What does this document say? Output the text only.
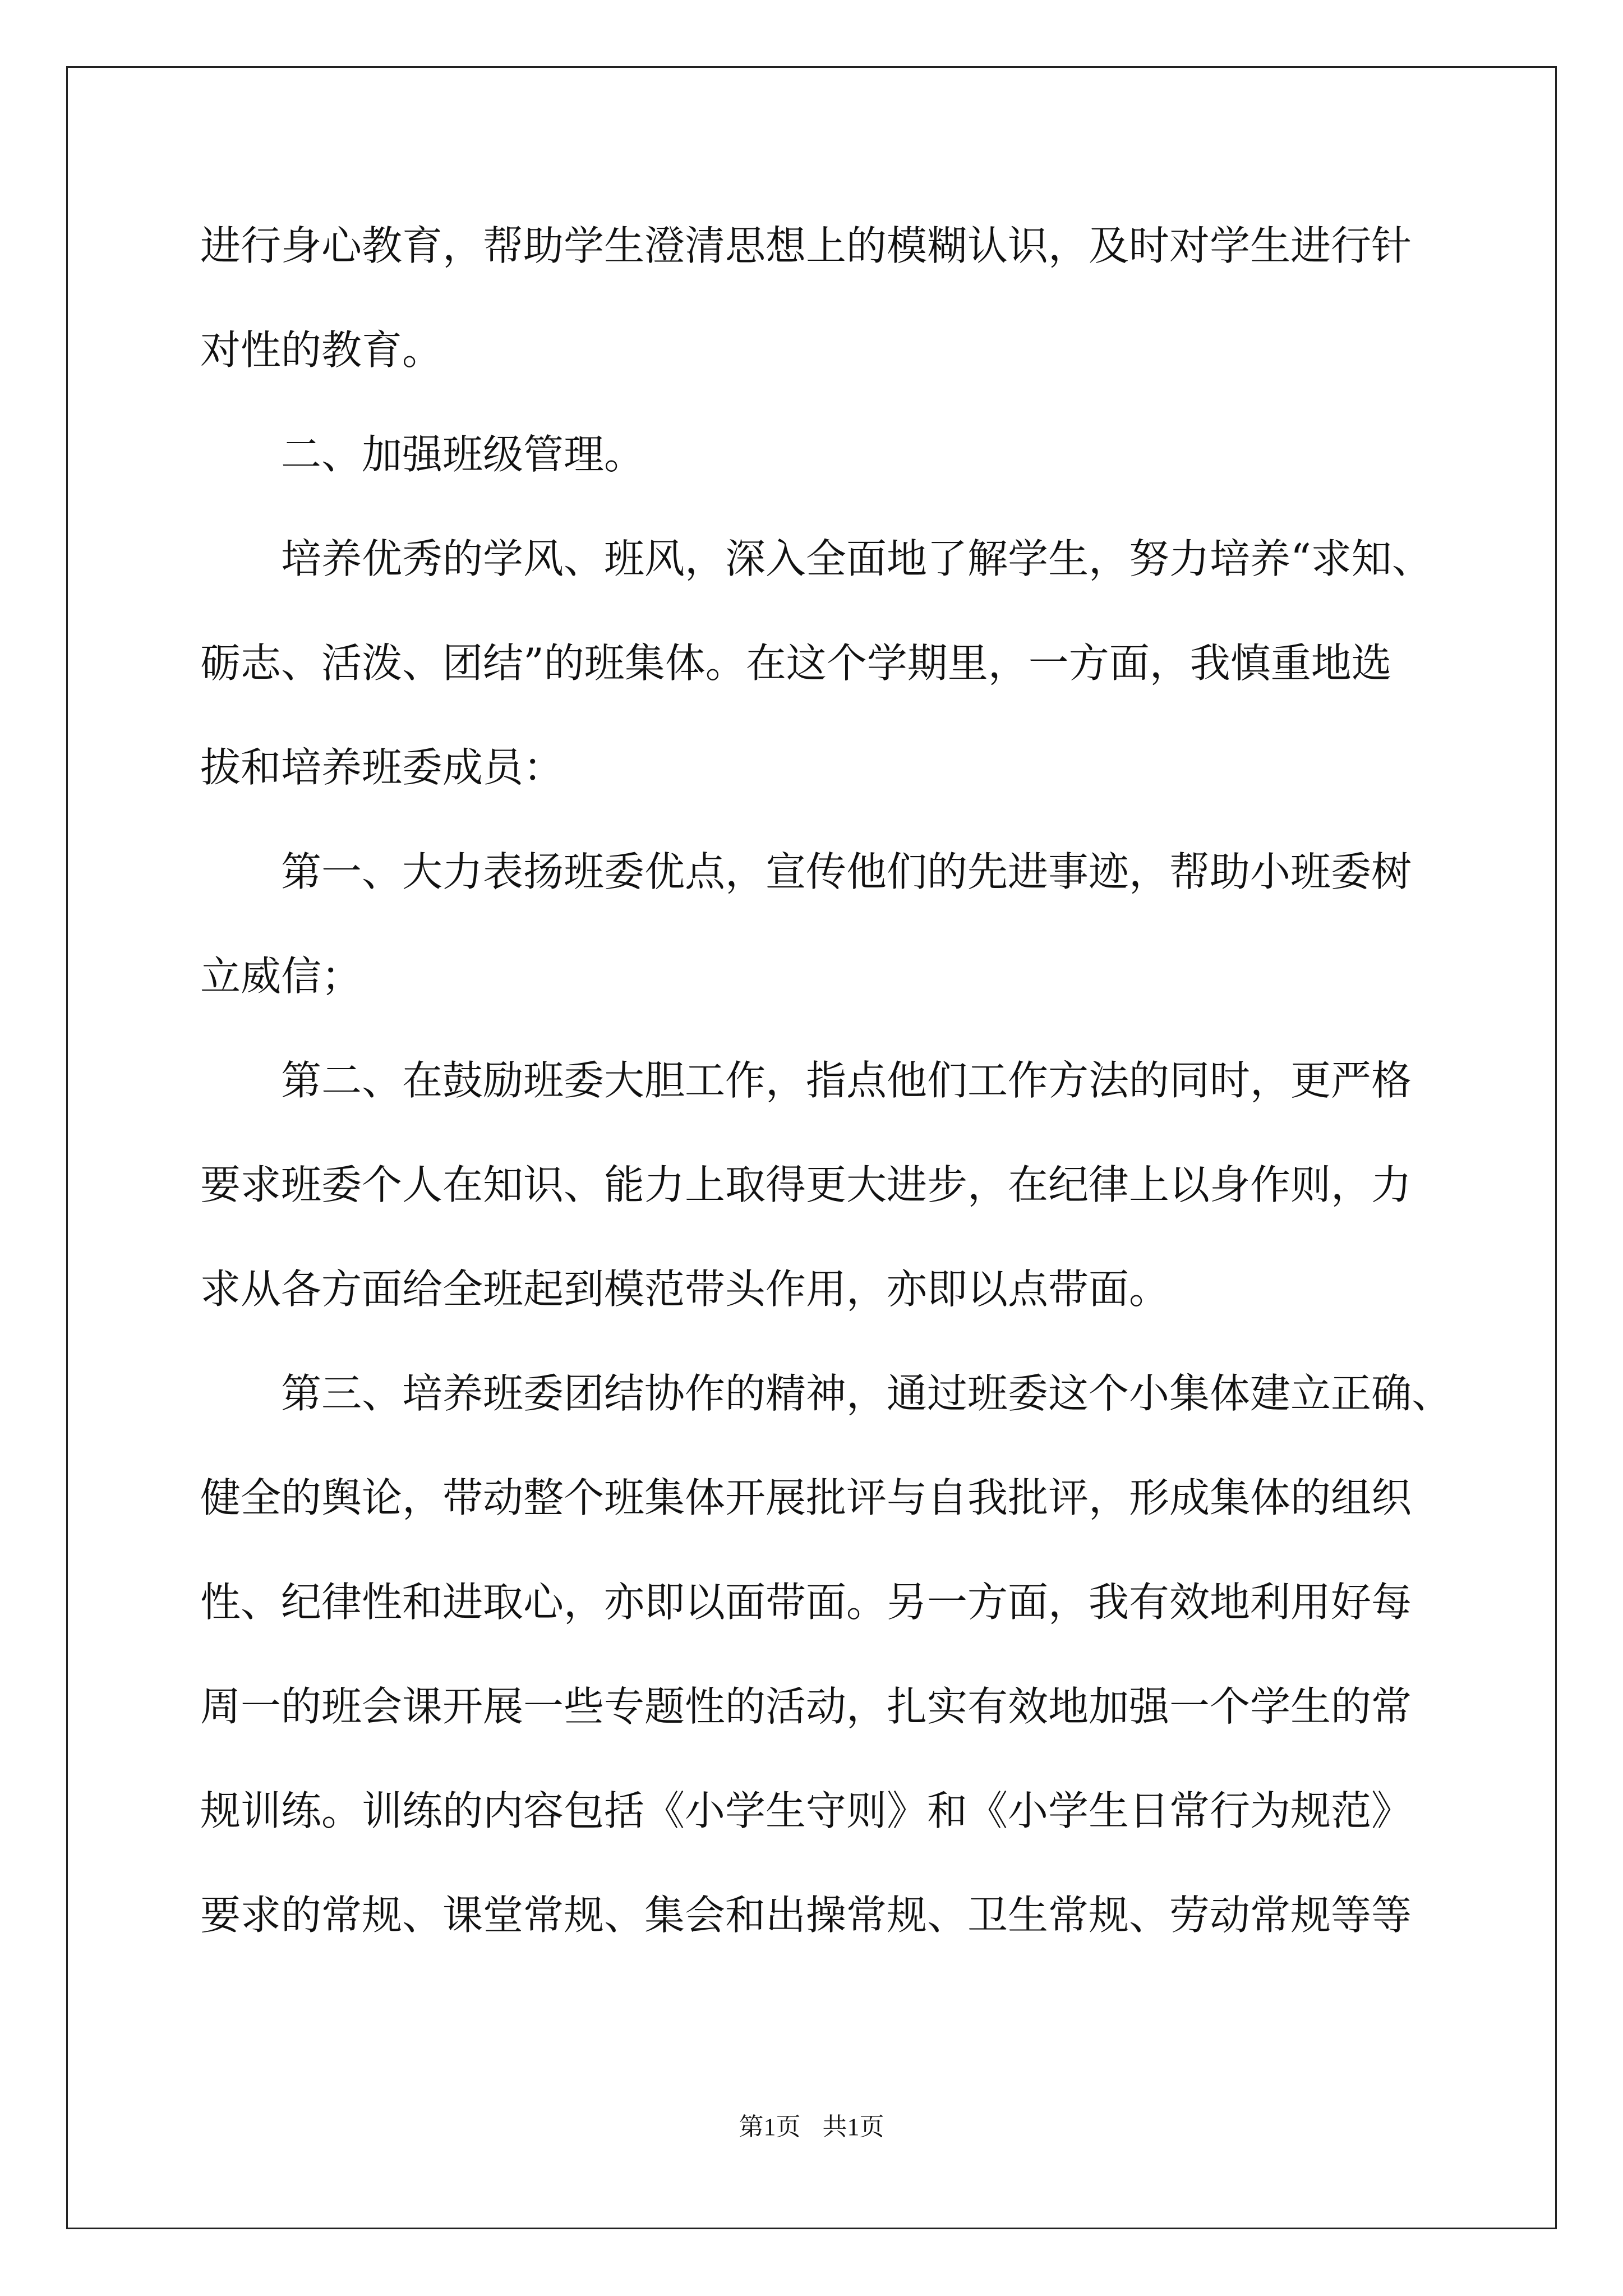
进行身心教育，帮助学生澄清思想上的模糊认识，及时对学生进行针
对性的教育。
　　二、加强班级管理。
　　培养优秀的学风、班风，深入全面地了解学生，努力培养“求知、
砺志、活泼、团结”的班集体。在这个学期里，一方面，我慎重地选
拔和培养班委成员：
　　第一、大力表扬班委优点，宣传他们的先进事迹，帮助小班委树
立威信；
　　第二、在鼓励班委大胆工作，指点他们工作方法的同时，更严格
要求班委个人在知识、能力上取得更大进步，在纪律上以身作则，力
求从各方面给全班起到模范带头作用，亦即以点带面。
　　第三、培养班委团结协作的精神，通过班委这个小集体建立正确、
健全的舆论，带动整个班集体开展批评与自我批评，形成集体的组织
性、纪律性和进取心，亦即以面带面。另一方面，我有效地利用好每
周一的班会课开展一些专题性的活动，扎实有效地加强一个学生的常
规训练。训练的内容包括《小学生守则》和《小学生日常行为规范》
要求的常规、课堂常规、集会和出操常规、卫生常规、劳动常规等等
第1页 共1页
